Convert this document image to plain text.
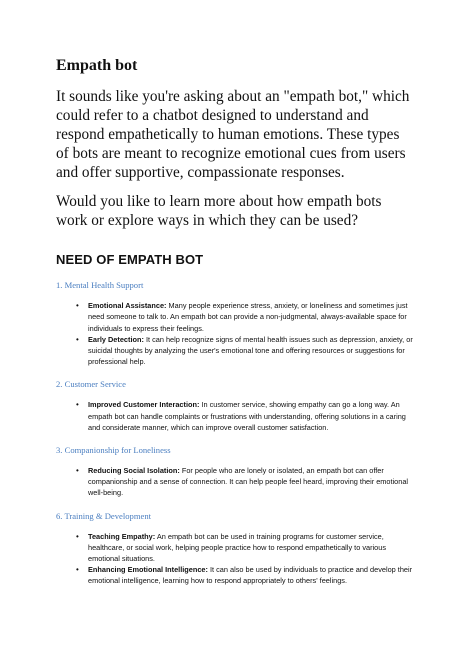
Empath bot

It sounds like you're asking about an "empath bot," which could refer to a chatbot designed to understand and respond empathetically to human emotions. These types of bots are meant to recognize emotional cues from users and offer supportive, compassionate responses.

Would you like to learn more about how empath bots work or explore ways in which they can be used?

NEED OF EMPATH BOT
1. Mental Health Support
• Emotional Assistance: Many people experience stress, anxiety, or loneliness and sometimes just need someone to talk to. An empath bot can provide a non-judgmental, always-available space for individuals to express their feelings.
• Early Detection: It can help recognize signs of mental health issues such as depression, anxiety, or suicidal thoughts by analyzing the user's emotional tone and offering resources or suggestions for professional help.
2. Customer Service
• Improved Customer Interaction: In customer service, showing empathy can go a long way. An empath bot can handle complaints or frustrations with understanding, offering solutions in a caring and considerate manner, which can improve overall customer satisfaction.
3. Companionship for Loneliness
• Reducing Social Isolation: For people who are lonely or isolated, an empath bot can offer companionship and a sense of connection. It can help people feel heard, improving their emotional well-being.
6. Training & Development
• Teaching Empathy: An empath bot can be used in training programs for customer service, healthcare, or social work, helping people practice how to respond empathetically to various emotional situations.
• Enhancing Emotional Intelligence: It can also be used by individuals to practice and develop their emotional intelligence, learning how to respond appropriately to others' feelings.
